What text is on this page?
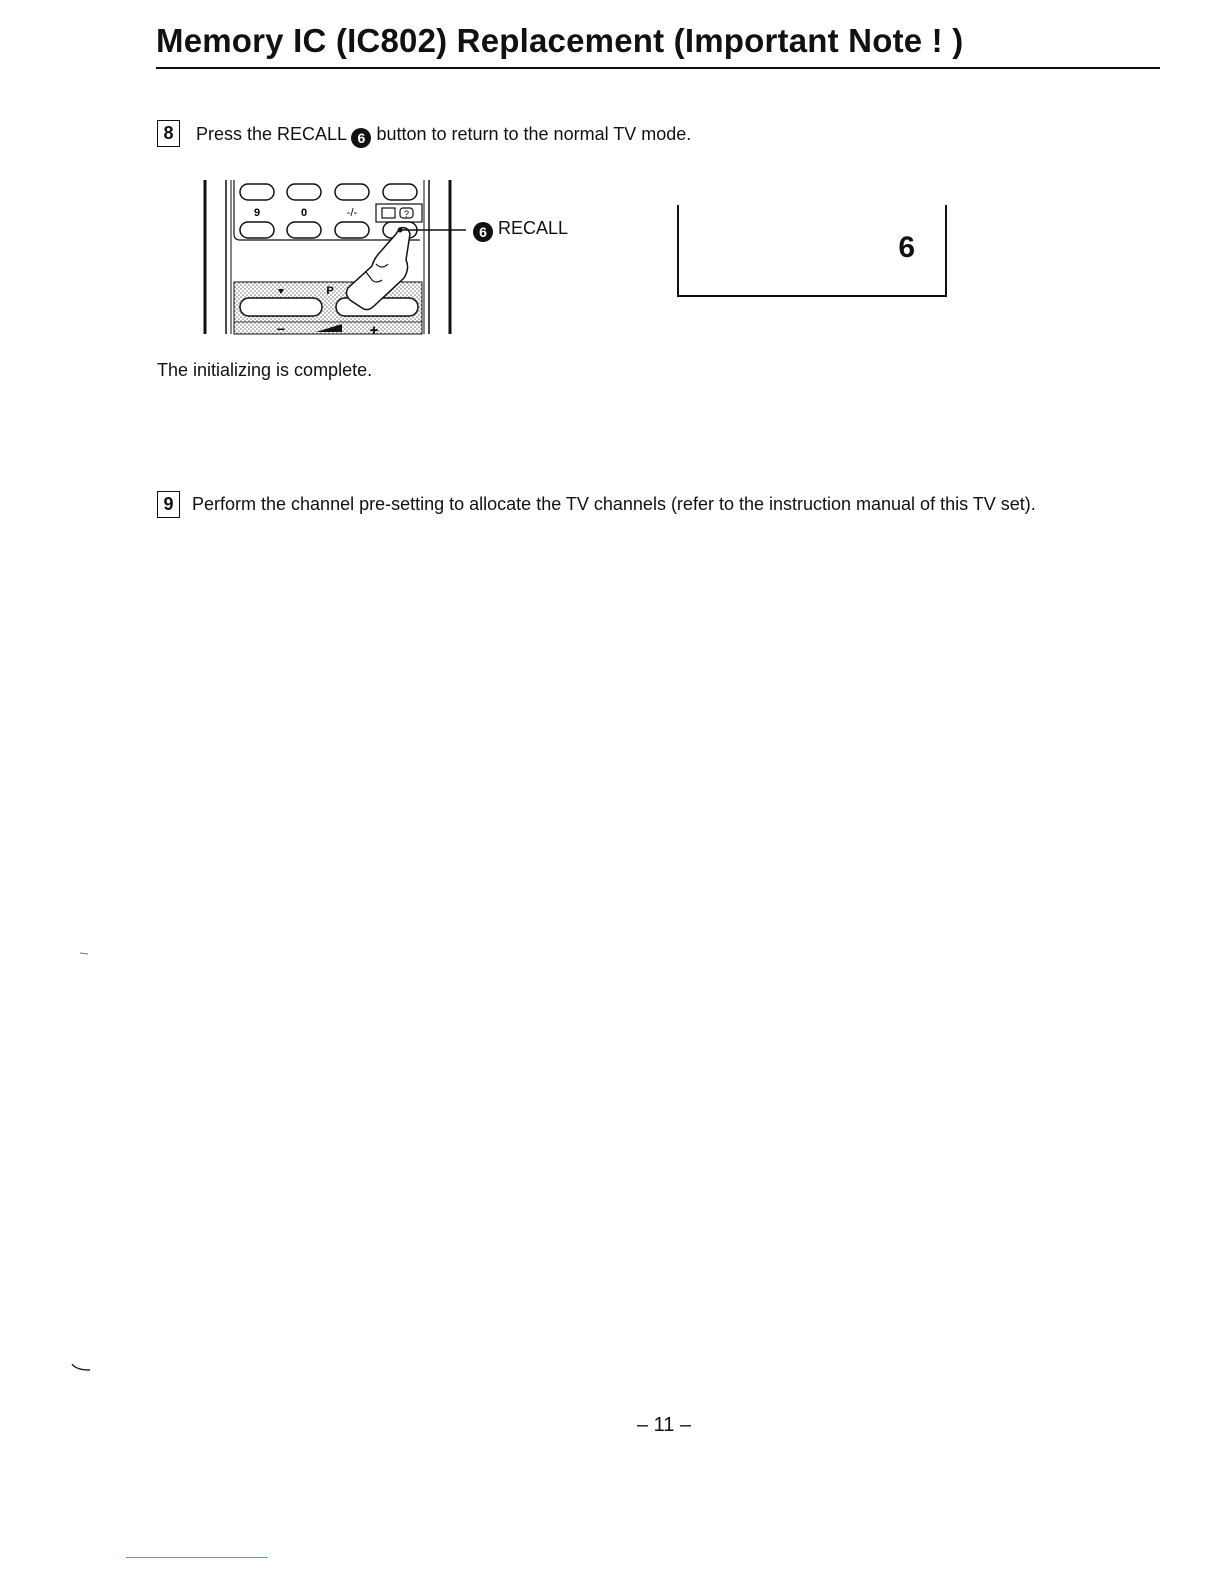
Memory IC (IC802) Replacement (Important Note ! )
8	Press the RECALL 6 button to return to the normal TV mode.
9	0	-/-	?
P
−	+
6 RECALL
6
The initializing is complete.
9	Perform the channel pre-setting to allocate the TV channels (refer to the instruction manual of this TV set).
– 11 –
